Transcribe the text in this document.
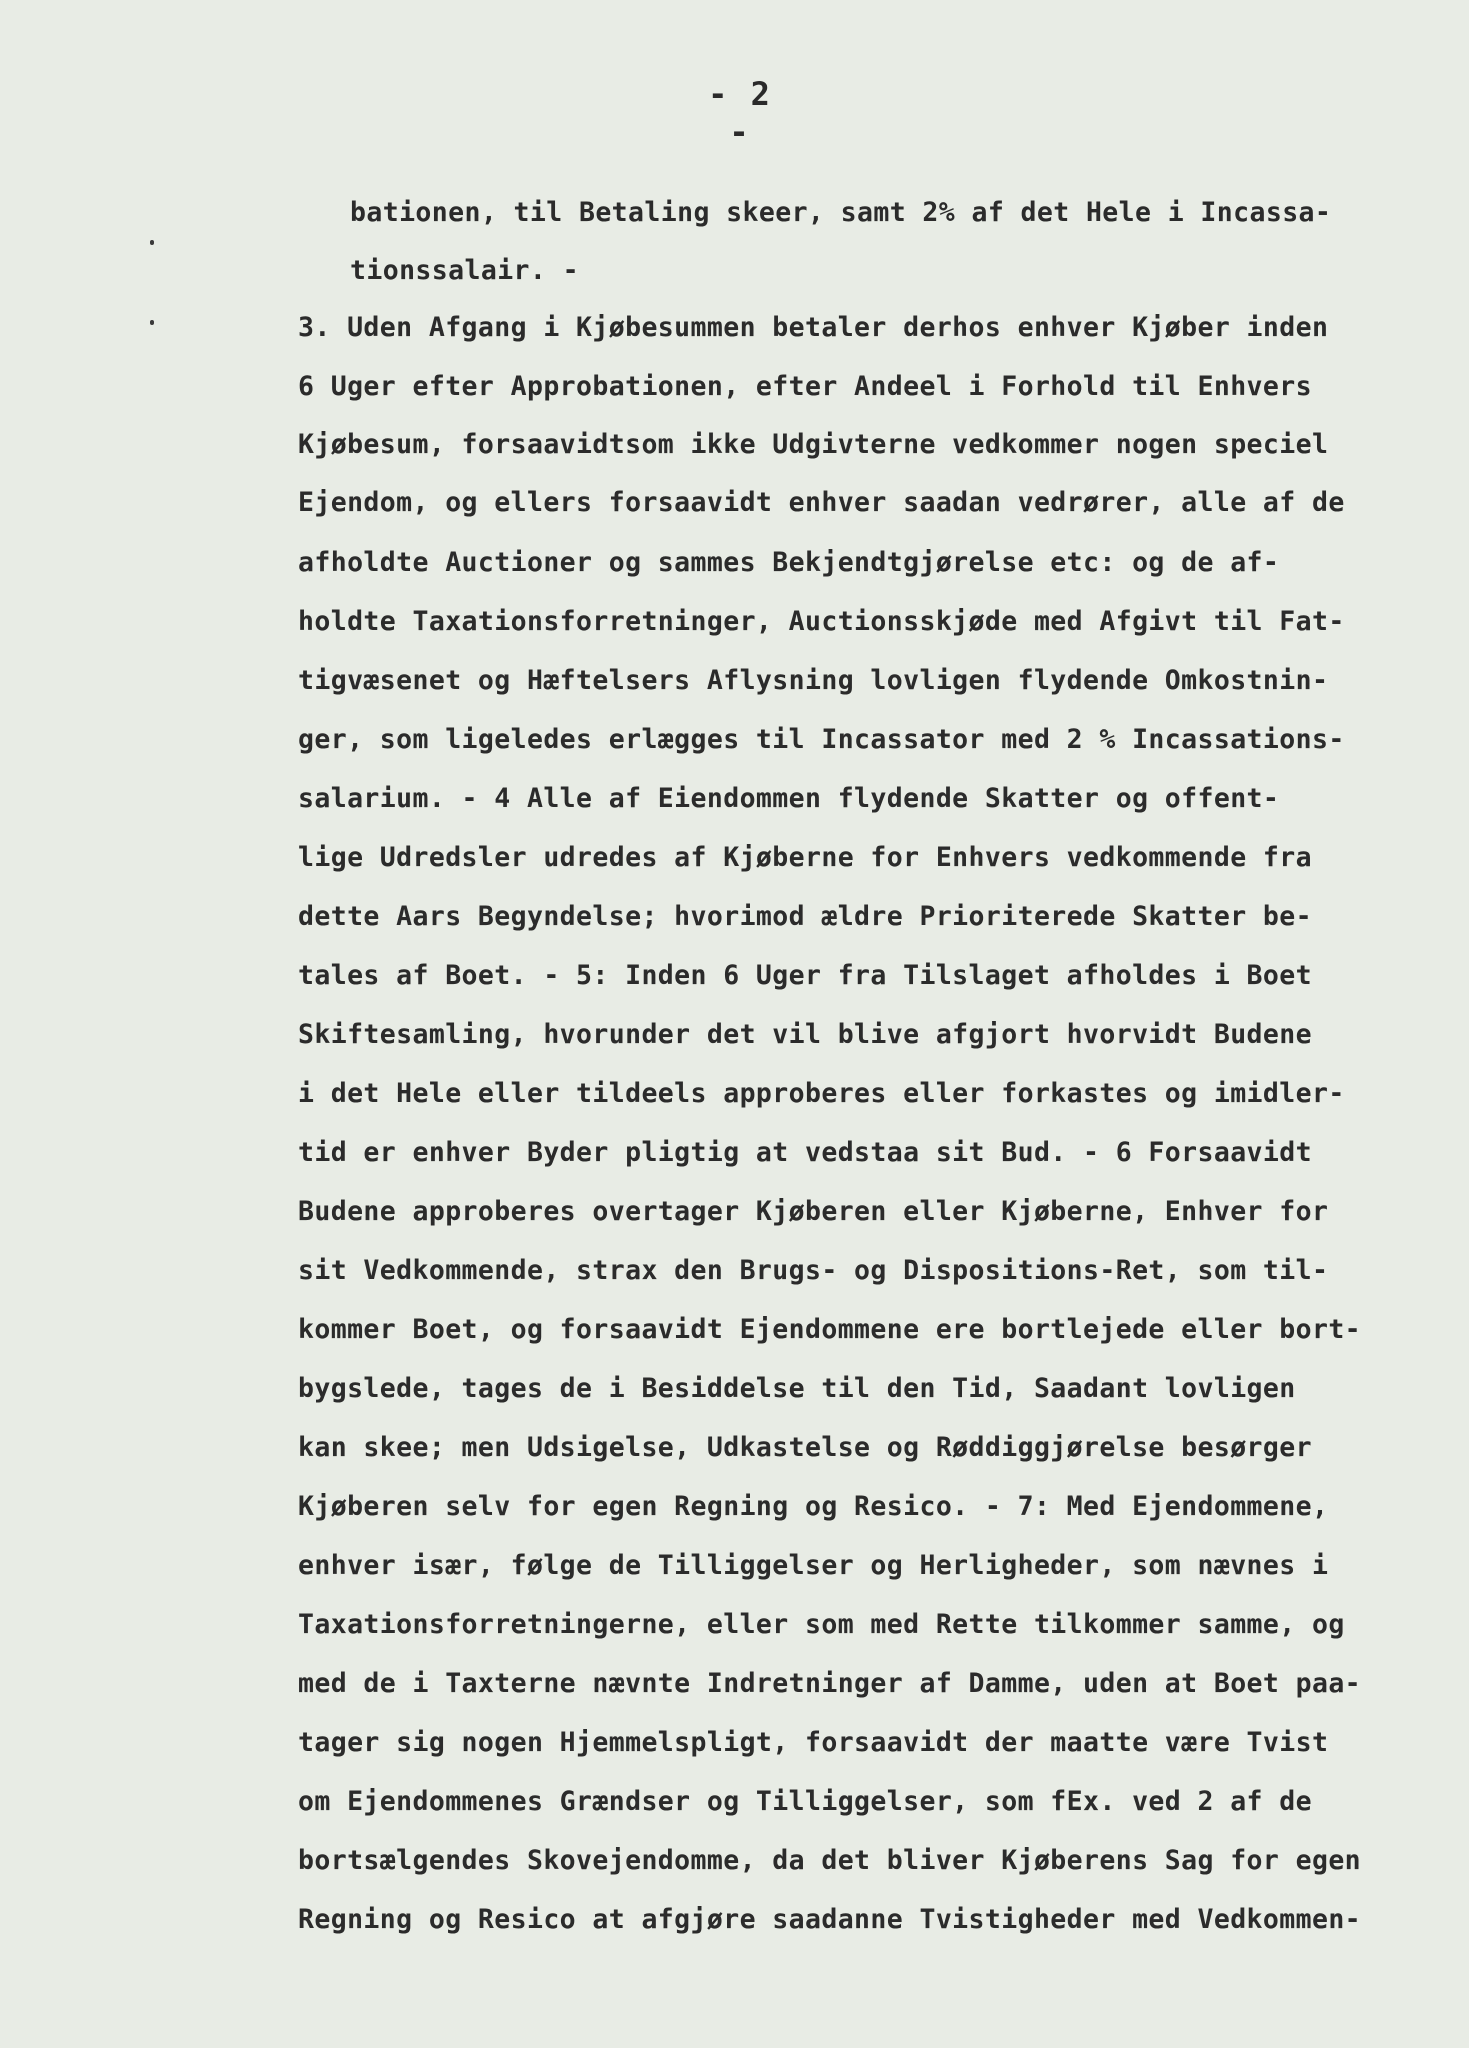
- 2 -
bationen, til Betaling skeer, samt 2% af det Hele i Incassa-
tionssalair. -
3. Uden Afgang i Kjøbesummen betaler derhos enhver Kjøber inden
6 Uger efter Approbationen, efter Andeel i Forhold til Enhvers
Kjøbesum, forsaavidtsom ikke Udgivterne vedkommer nogen speciel
Ejendom, og ellers forsaavidt enhver saadan vedrører, alle af de
afholdte Auctioner og sammes Bekjendtgjørelse etc: og de af-
holdte Taxationsforretninger, Auctionsskjøde med Afgivt til Fat-
tigvæsenet og Hæftelsers Aflysning lovligen flydende Omkostnin-
ger, som ligeledes erlægges til Incassator med 2 % Incassations-
salarium. - 4 Alle af Eiendommen flydende Skatter og offent-
lige Udredsler udredes af Kjøberne for Enhvers vedkommende fra
dette Aars Begyndelse; hvorimod ældre Prioriterede Skatter be-
tales af Boet. - 5: Inden 6 Uger fra Tilslaget afholdes i Boet
Skiftesamling, hvorunder det vil blive afgjort hvorvidt Budene
i det Hele eller tildeels approberes eller forkastes og imidler-
tid er enhver Byder pligtig at vedstaa sit Bud. - 6 Forsaavidt
Budene approberes overtager Kjøberen eller Kjøberne, Enhver for
sit Vedkommende, strax den Brugs- og Dispositions-Ret, som til-
kommer Boet, og forsaavidt Ejendommene ere bortlejede eller bort-
bygslede, tages de i Besiddelse til den Tid, Saadant lovligen
kan skee; men Udsigelse, Udkastelse og Røddiggjørelse besørger
Kjøberen selv for egen Regning og Resico. - 7: Med Ejendommene,
enhver især, følge de Tilliggelser og Herligheder, som nævnes i
Taxationsforretningerne, eller som med Rette tilkommer samme, og
med de i Taxterne nævnte Indretninger af Damme, uden at Boet paa-
tager sig nogen Hjemmelspligt, forsaavidt der maatte være Tvist
om Ejendommenes Grændser og Tilliggelser, som fEx. ved 2 af de
bortsælgendes Skovejendomme, da det bliver Kjøberens Sag for egen
Regning og Resico at afgjøre saadanne Tvistigheder med Vedkommen-
